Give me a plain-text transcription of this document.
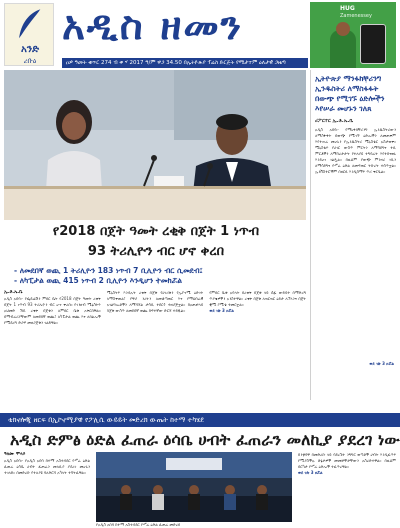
አንድ
ረቡዕ
አዲስ ዘመን
ዐዎ ዓመት ቁጥር 274 ብ ቀ ሃ 2017 ዓ/ም ዋጋ 34.50 በኢትዮጵያ ፕሬስ ድርጅት የሚታተም ዕለታዊ ጋዜጣ
HUG
Zamenessey
የ2018 በጀት ዓመት ረቂቅ በጀት 1 ነጥብ
93 ትሪሊዮን ብር ሆኖ ቀረበ
- ለመደበኛ ወጪ 1 ትሪሊዮን 183 ነጥብ 7 ቢሊዮን ብር ሲመደብ፤
- ለካፒታል ወጪ 415 ነጥብ 2 ቢሊዮን እንዲሆን ተመክሯል
ኢ.ቶ.ኤ.ቤ
አዲስ አበባ፡- የፌዴሬሽን ምክር ቤት የ2018 በጀት ዓመት ረቂቅ በጀት 1 ነጥብ 93 ትሪሊዮን ብር ሆኖ ቀረበ። የገንዘብ ሚኒስትሩ አህመድ ሽዴ ረቂቅ በጀቱን ለምክር ቤቱ አቅርበዋል። በማብራሪያቸውም ለመደበኛ ወጪ፣ ለካፒታል ወጪ እና ለክልሎች የሚደረግ ድጋፍ መዘጋጀቱን ገልጸዋል።
ሚኒስትሩ እንዳሉት ረቂቅ በጀቱ የሀገሪቱን የኢኮኖሚ ዕድገት ለማስቀጠል፣ የዋጋ ንረትን ለመቆጣጠር እና የማህበራዊ አገልግሎቶችን ለማሻሻል ታሳቢ ተደርጎ ተዘጋጅቷል። ከአጠቃላይ በጀቱ ውስጥ ለመደበኛ ወጪ ከፍተኛው ድርሻ ተይዟል።
የምክር ቤቱ አባላት በረቂቅ በጀቱ ላይ ሰፊ ውይይት በማድረግ ጥያቄዎችን አንስተዋል። ረቂቅ በጀቱ ለዝርዝር ዕይታ ለፕላንና በጀት ቋሚ ኮሚቴ ተመርቷል።
ወደ ገጽ 3 ዞሯል
ኢትዮጵያ ማንፋክቸሪንግ ኢንዱስትሪ ለማስፋፋት በውጭ የሚገኙ ዕድሎችን እየሠራ መሆኑን ገለጸ
ሪፖርተር ኢ.ቶ.ኤ.ቤ
አዲስ አበባ፡- የማኑፋክቸሪንግ ኢንዱስትሪውን ለማስፋፋት በውጭ የሚገኙ ዕድሎችን ለመጠቀም እየተሠራ መሆኑን የኢንዱስትሪ ሚኒስቴር አስታወቀ። ሚኒስቴሩ የሀገር ውስጥ ምርትን ለማሳደግና ተኪ ምርቶችን ለማበረታታት የተለያዩ ተግባራት እየተከናወኑ እንደሆነ ገልጿል። በዚህም የውጭ ምንዛሪ ገቢን ለማሳደግና የሥራ ዕድል ለመፍጠር ትኩረት ተሰጥቷል። ኢንቨስተሮችም በዘርፉ እንዲሰማሩ ጥሪ ቀርቧል።
ወደ ገጽ 3 ዞሯል
ቴክኖሎጂ ዘርፍ በኢኮኖሚያዊ የፖሊሲ ውይይት መድረክ ውጤት ከተማ ተካሄደ
አዲስ ድምፅ ዕድል ፈጠራ ዕሳቤ ሀብት ፈጠራን መለኪያ ያደረገ ነው
ዓለሙ ሞላሶ
አዲስ አበባ፡- የአዲስ አበባ ከተማ አስተዳደር የሥራ ዕድል ፈጠራ ዕሳቤ ሀብት ፈጠራን መለኪያ ያደረገ መሆኑን ተገለጸ። በመድረኩ የተለያዩ ባለድርሻ አካላት ተሳትፈዋል።
የአዲስ አበባ ከተማ አስተዳደር የሥራ ዕድል ፈጠራ መድረክ
ከንቲባዋ በመድረኩ ላይ ባደረጉት ንግግር ወጣቶች ሀብት እንዲፈጥሩ የሚያስችሉ ሁኔታዎች መመቻቸታቸውን አስረድተዋል። በዚህም በርካታ የሥራ ዕድሎች ተፈጥረዋል።
ወደ ገጽ 3 ዞሯል
